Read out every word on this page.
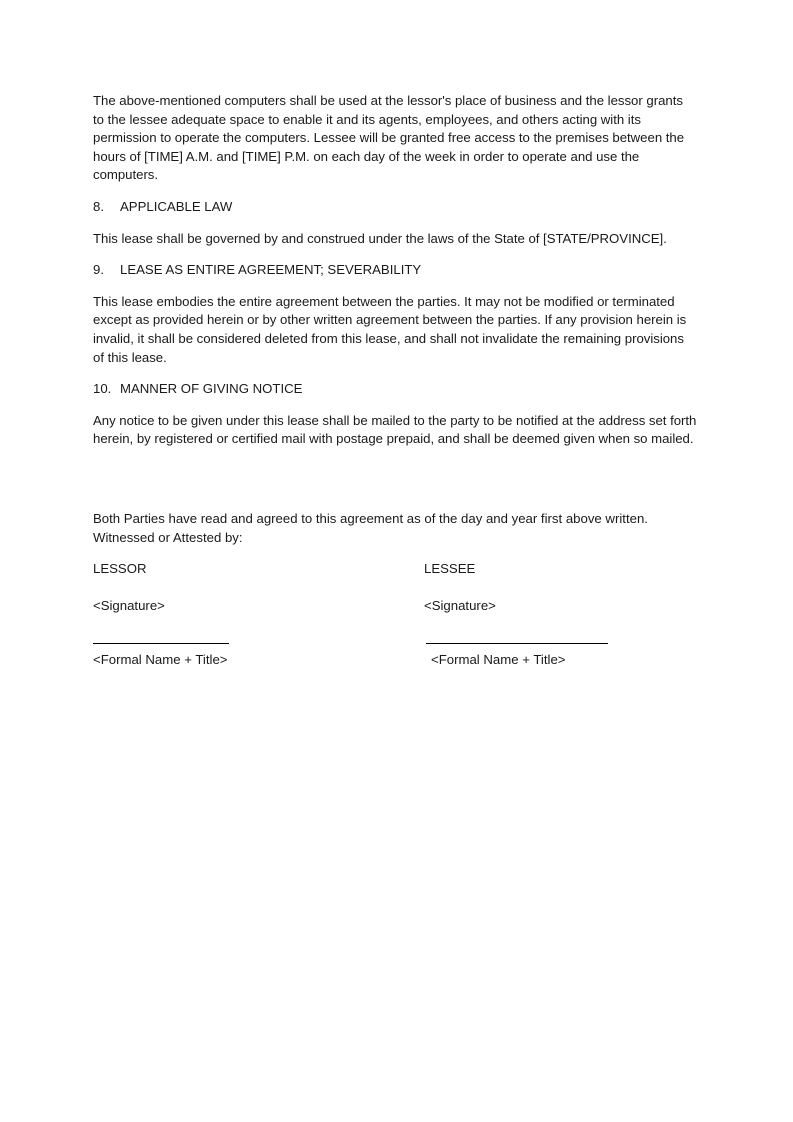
The above-mentioned computers shall be used at the lessor's place of business and the lessor grants to the lessee adequate space to enable it and its agents, employees, and others acting with its permission to operate the computers. Lessee will be granted free access to the premises between the hours of [TIME] A.M. and [TIME] P.M. on each day of the week in order to operate and use the computers.

8.	APPLICABLE LAW

This lease shall be governed by and construed under the laws of the State of [STATE/PROVINCE].

9.	LEASE AS ENTIRE AGREEMENT; SEVERABILITY

This lease embodies the entire agreement between the parties. It may not be modified or terminated except as provided herein or by other written agreement between the parties. If any provision herein is invalid, it shall be considered deleted from this lease, and shall not invalidate the remaining provisions of this lease.

10. MANNER OF GIVING NOTICE

Any notice to be given under this lease shall be mailed to the party to be notified at the address set forth herein, by registered or certified mail with postage prepaid, and shall be deemed given when so mailed.

Both Parties have read and agreed to this agreement as of the day and year first above written.
Witnessed or Attested by:
LESSOR	LESSEE
<Signature>	<Signature>
<Formal Name + Title>	<Formal Name + Title>
